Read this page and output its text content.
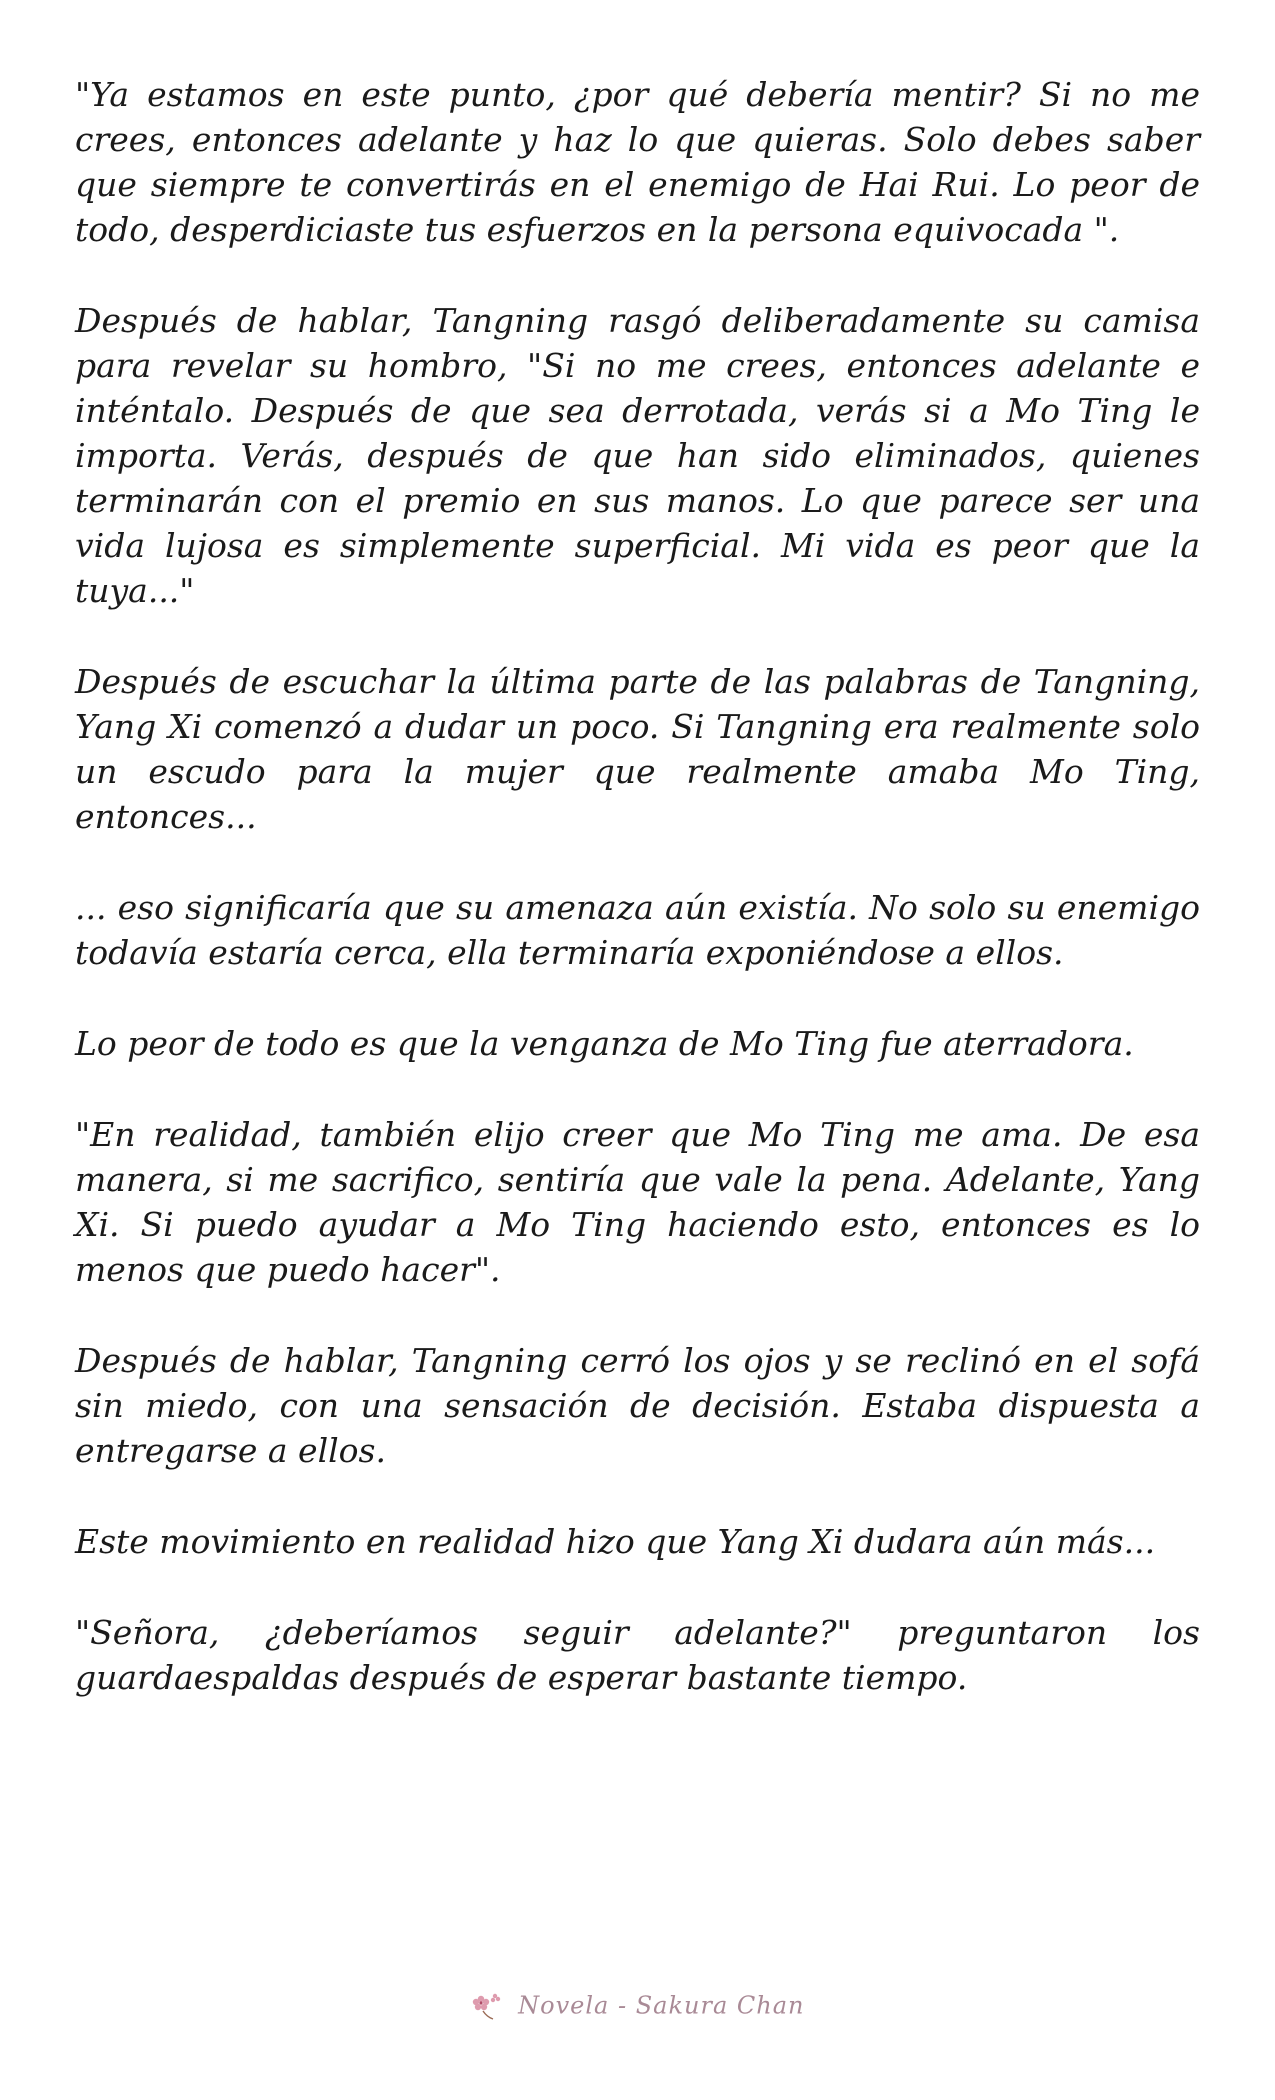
"Ya estamos en este punto, ¿por qué debería mentir? Si no me crees, entonces adelante y haz lo que quieras. Solo debes saber que siempre te convertirás en el enemigo de Hai Rui. Lo peor de todo, desperdiciaste tus esfuerzos en la persona equivocada ".

Después de hablar, Tangning rasgó deliberadamente su camisa para revelar su hombro, "Si no me crees, entonces adelante e inténtalo. Después de que sea derrotada, verás si a Mo Ting le importa. Verás, después de que han sido eliminados, quienes terminarán con el premio en sus manos. Lo que parece ser una vida lujosa es simplemente superficial. Mi vida es peor que la tuya..."

Después de escuchar la última parte de las palabras de Tangning, Yang Xi comenzó a dudar un poco. Si Tangning era realmente solo un escudo para la mujer que realmente amaba Mo Ting, entonces...

... eso significaría que su amenaza aún existía. No solo su enemigo todavía estaría cerca, ella terminaría exponiéndose a ellos.

Lo peor de todo es que la venganza de Mo Ting fue aterradora.

"En realidad, también elijo creer que Mo Ting me ama. De esa manera, si me sacrifico, sentiría que vale la pena. Adelante, Yang Xi. Si puedo ayudar a Mo Ting haciendo esto, entonces es lo menos que puedo hacer".

Después de hablar, Tangning cerró los ojos y se reclinó en el sofá sin miedo, con una sensación de decisión. Estaba dispuesta a entregarse a ellos.

Este movimiento en realidad hizo que Yang Xi dudara aún más...

"Señora, ¿deberíamos seguir adelante?" preguntaron los guardaespaldas después de esperar bastante tiempo.

Novela - Sakura Chan
